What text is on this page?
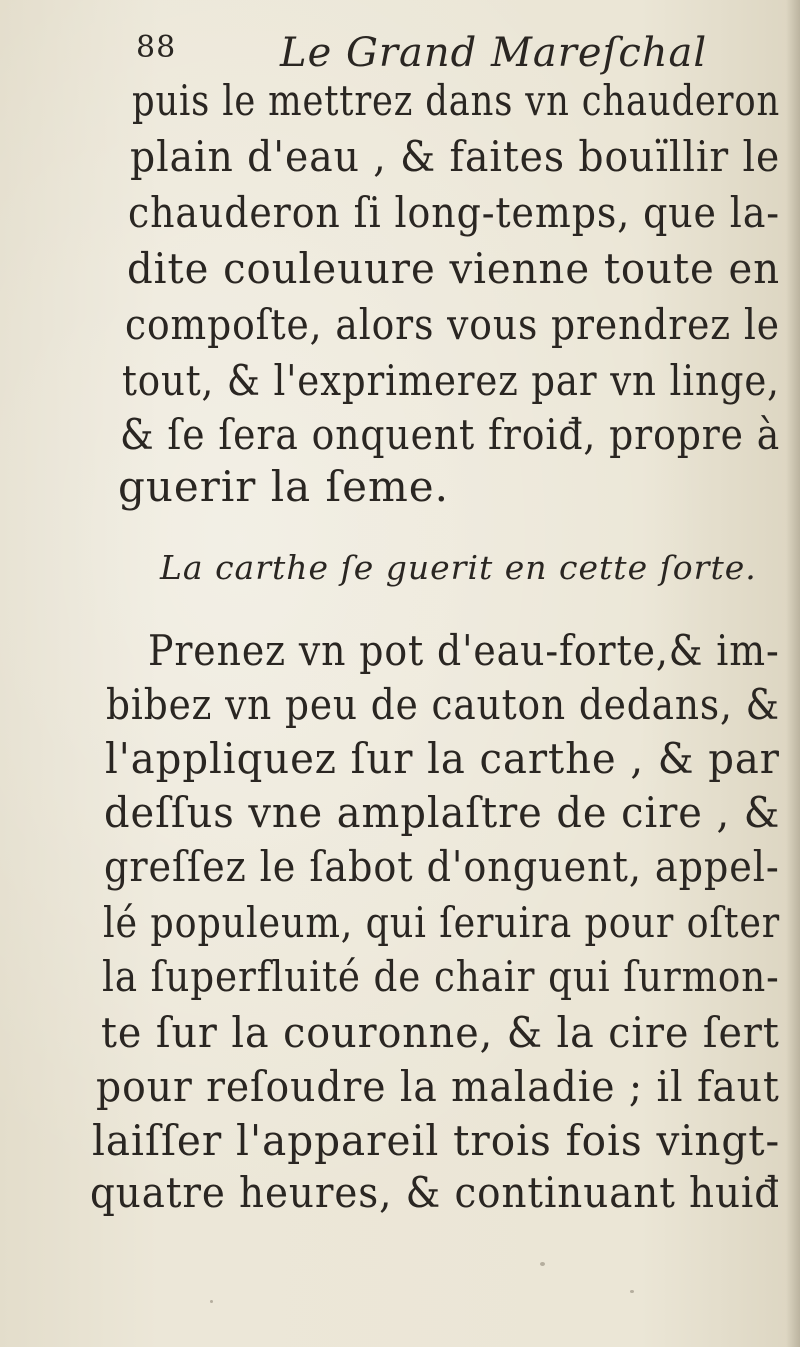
88	Le Grand Mareſchal
puis le mettrez dans vn chauderon
plain d'eau , & faites bouïllir le
chauderon ſi long-temps, que la-
dite couleuure vienne toute en
compoſte, alors vous prendrez le
tout, & l'exprimerez par vn linge,
& ſe ſera onquent froiđ, propre à
guerir la ſeme.
La carthe ſe guerit en cette ſorte.
Prenez vn pot d'eau-forte,& im-
bibez vn peu de cauton dedans, &
l'appliquez ſur la carthe , & par
deſſus vne amplaſtre de cire , &
greſſez le ſabot d'onguent, appel-
lé populeum, qui ſeruira pour oſter
la ſuperfluité de chair qui ſurmon-
te ſur la couronne, & la cire ſert
pour reſoudre la maladie ; il faut
laiſſer l'appareil trois fois vingt-
quatre heures, & continuant huiđ
